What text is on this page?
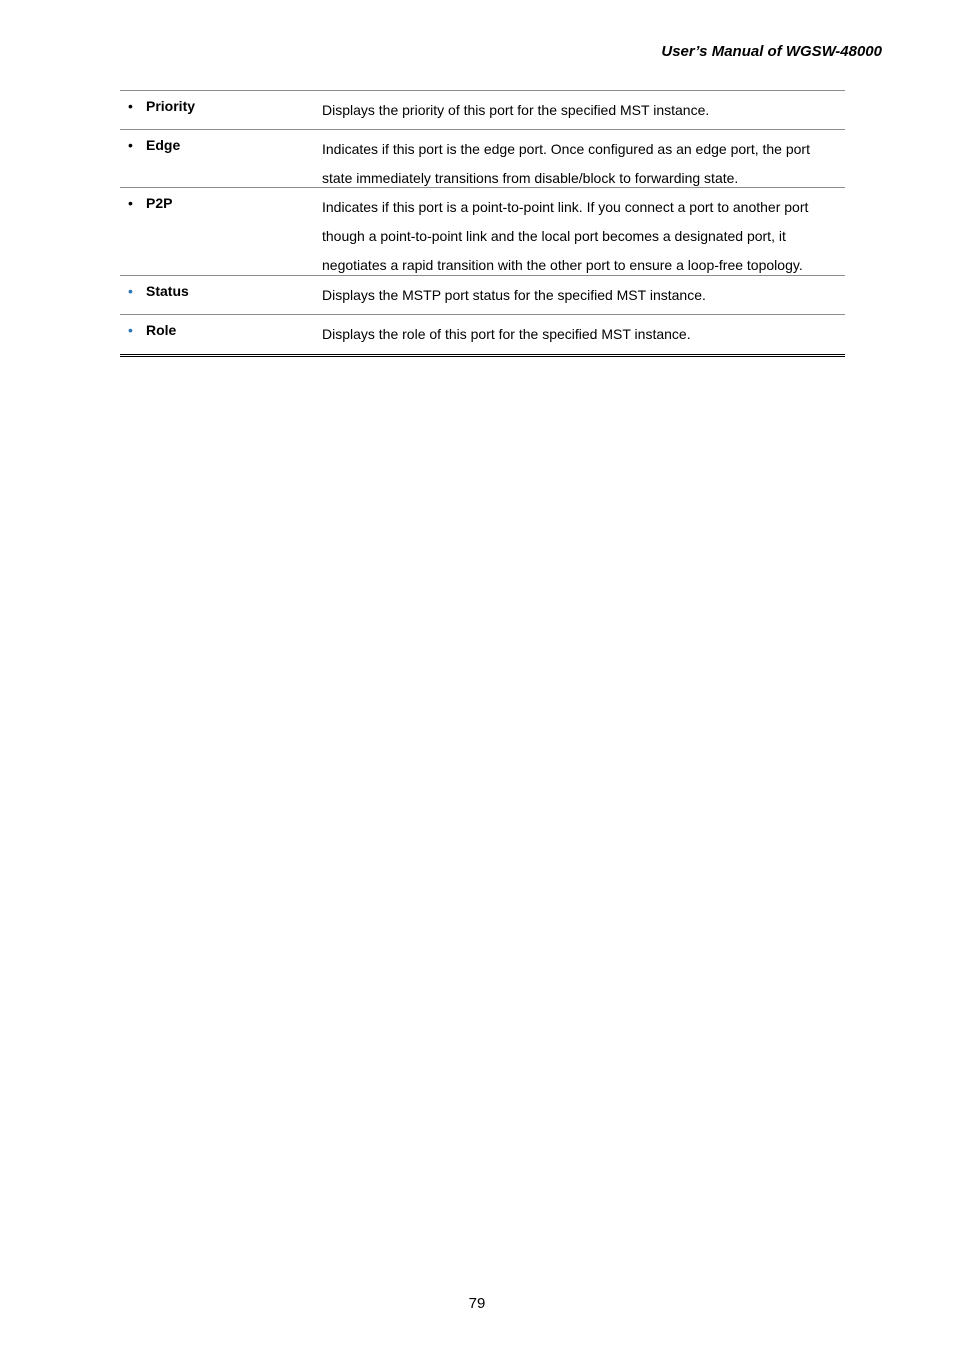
User’s Manual of WGSW-48000
• Priority	Displays the priority of this port for the specified MST instance.
• Edge	Indicates if this port is the edge port. Once configured as an edge port, the port
state immediately transitions from disable/block to forwarding state.
• P2P	Indicates if this port is a point-to-point link. If you connect a port to another port
though a point-to-point link and the local port becomes a designated port, it
negotiates a rapid transition with the other port to ensure a loop-free topology.
• Status	Displays the MSTP port status for the specified MST instance.
• Role	Displays the role of this port for the specified MST instance.
79
